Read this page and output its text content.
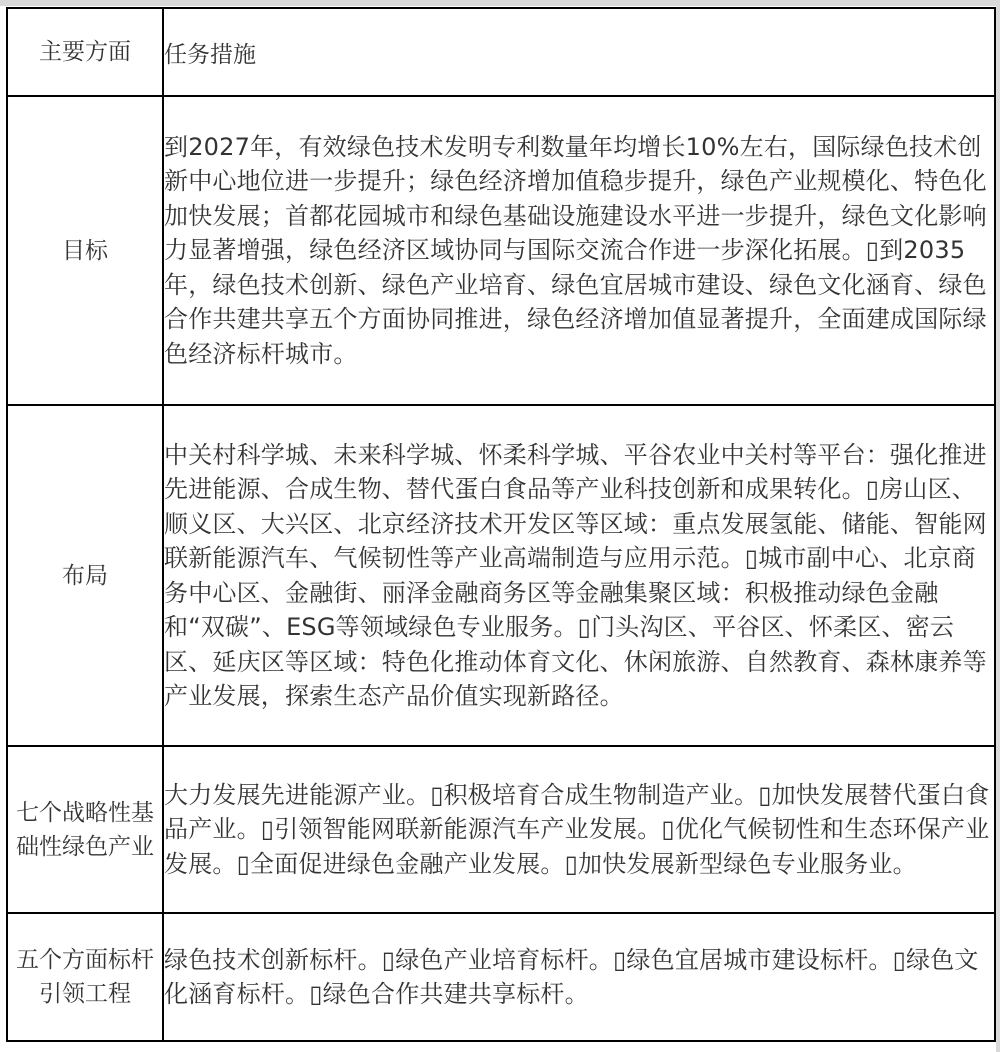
主要方面	任务措施
目标	到2027年，有效绿色技术发明专利数量年均增长10%左右，国际绿色技术创新中心地位进一步提升；绿色经济增加值稳步提升，绿色产业规模化、特色化加快发展；首都花园城市和绿色基础设施建设水平进一步提升，绿色文化影响力显著增强，绿色经济区域协同与国际交流合作进一步深化拓展。▯到2035年，绿色技术创新、绿色产业培育、绿色宜居城市建设、绿色文化涵育、绿色合作共建共享五个方面协同推进，绿色经济增加值显著提升，全面建成国际绿色经济标杆城市。
布局	中关村科学城、未来科学城、怀柔科学城、平谷农业中关村等平台：强化推进先进能源、合成生物、替代蛋白食品等产业科技创新和成果转化。▯房山区、顺义区、大兴区、北京经济技术开发区等区域：重点发展氢能、储能、智能网联新能源汽车、气候韧性等产业高端制造与应用示范。▯城市副中心、北京商务中心区、金融街、丽泽金融商务区等金融集聚区域：积极推动绿色金融和“双碳”、ESG等领域绿色专业服务。▯门头沟区、平谷区、怀柔区、密云区、延庆区等区域：特色化推动体育文化、休闲旅游、自然教育、森林康养等产业发展，探索生态产品价值实现新路径。
七个战略性基础性绿色产业	大力发展先进能源产业。▯积极培育合成生物制造产业。▯加快发展替代蛋白食品产业。▯引领智能网联新能源汽车产业发展。▯优化气候韧性和生态环保产业发展。▯全面促进绿色金融产业发展。▯加快发展新型绿色专业服务业。
五个方面标杆引领工程	绿色技术创新标杆。▯绿色产业培育标杆。▯绿色宜居城市建设标杆。▯绿色文化涵育标杆。▯绿色合作共建共享标杆。
